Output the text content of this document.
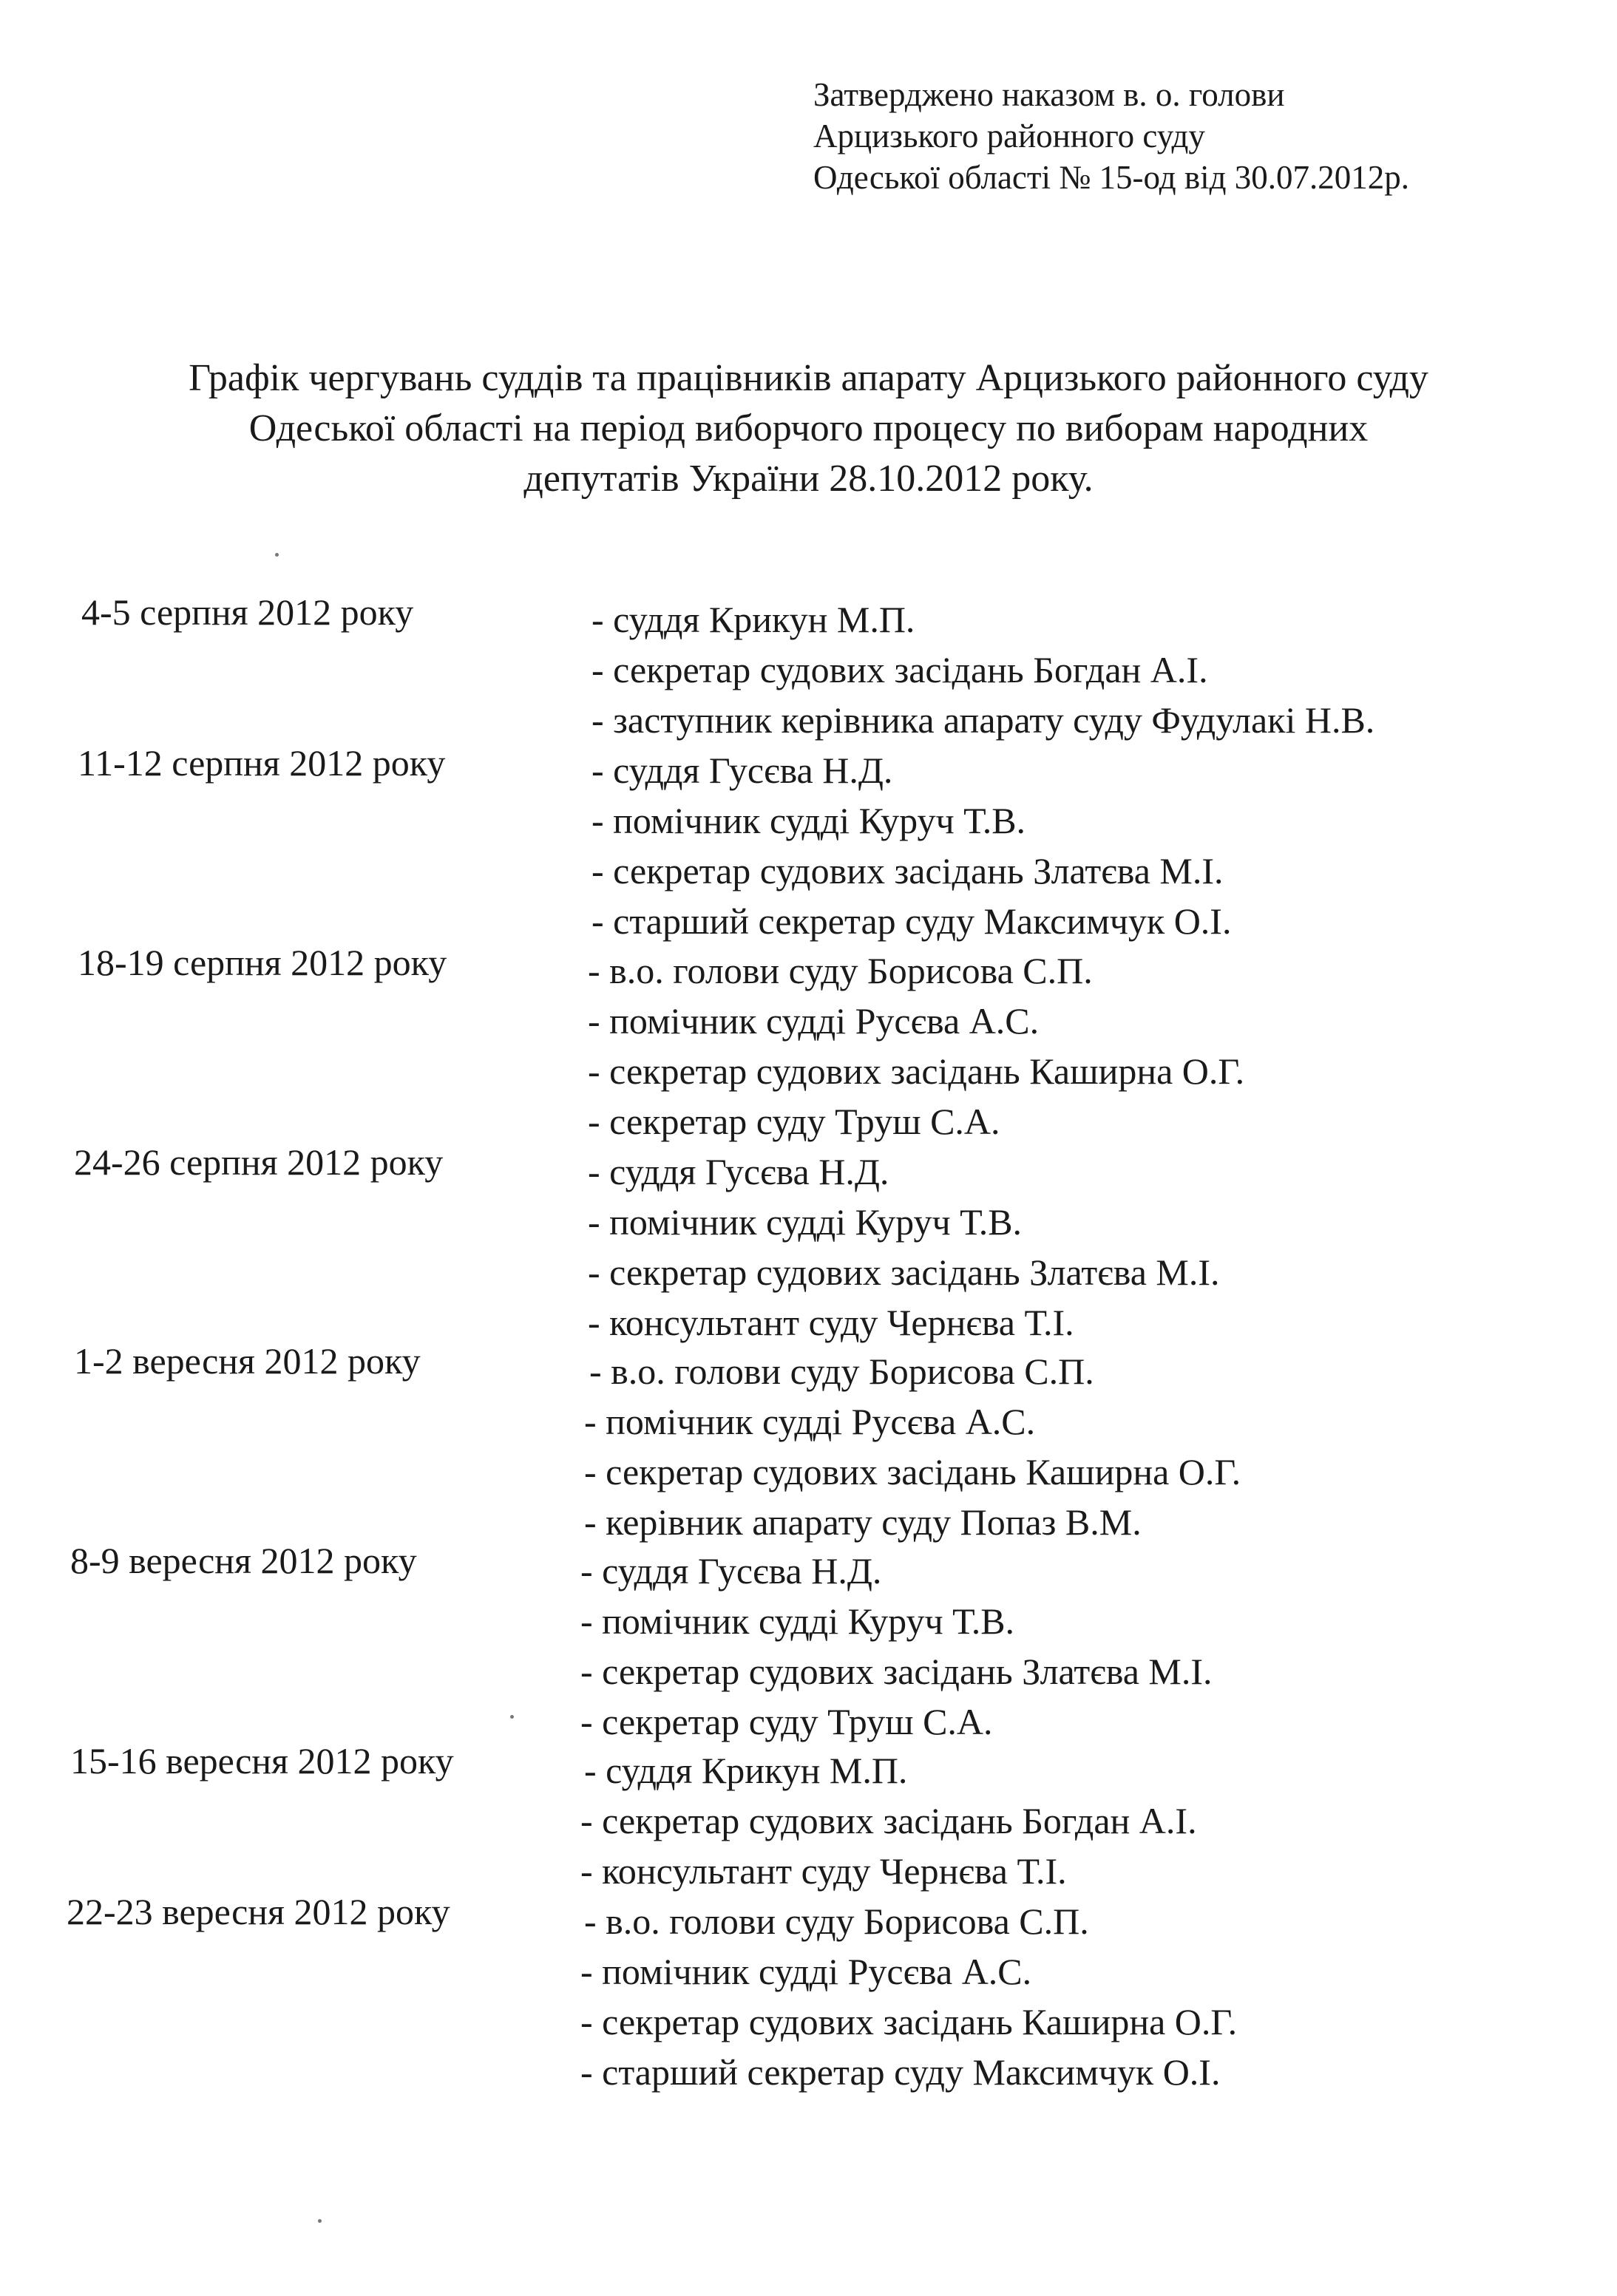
Затверджено наказом в. о. голови
Арцизького районного суду
Одеської області № 15-од від 30.07.2012р.
Графік чергувань суддів та працівників апарату Арцизького районного суду
Одеської області на період виборчого процесу по виборам народних
депутатів України 28.10.2012 року.
4-5 серпня 2012 року	- суддя Крикун М.П.
- секретар судових засідань Богдан А.І.
- заступник керівника апарату суду Фудулакі Н.В.
11-12 серпня 2012 року	- суддя Гусєва Н.Д.
- помічник судді Куруч Т.В.
- секретар судових засідань Златєва М.І.
- старший секретар суду Максимчук О.І.
18-19 серпня 2012 року	- в.о. голови суду Борисова С.П.
- помічник судді Русєва А.С.
- секретар судових засідань Каширна О.Г.
- секретар суду Труш С.А.
24-26 серпня 2012 року	- суддя Гусєва Н.Д.
- помічник судді Куруч Т.В.
- секретар судових засідань Златєва М.І.
- консультант суду Чернєва Т.І.
1-2 вересня 2012 року	- в.о. голови суду Борисова С.П.
- помічник судді Русєва А.С.
- секретар судових засідань Каширна О.Г.
- керівник апарату суду Попаз В.М.
8-9 вересня 2012 року	- суддя Гусєва Н.Д.
- помічник судді Куруч Т.В.
- секретар судових засідань Златєва М.І.
- секретар суду Труш С.А.
15-16 вересня 2012 року	- суддя Крикун М.П.
- секретар судових засідань Богдан А.І.
- консультант суду Чернєва Т.І.
22-23 вересня 2012 року	- в.о. голови суду Борисова С.П.
- помічник судді Русєва А.С.
- секретар судових засідань Каширна О.Г.
- старший секретар суду Максимчук О.І.
